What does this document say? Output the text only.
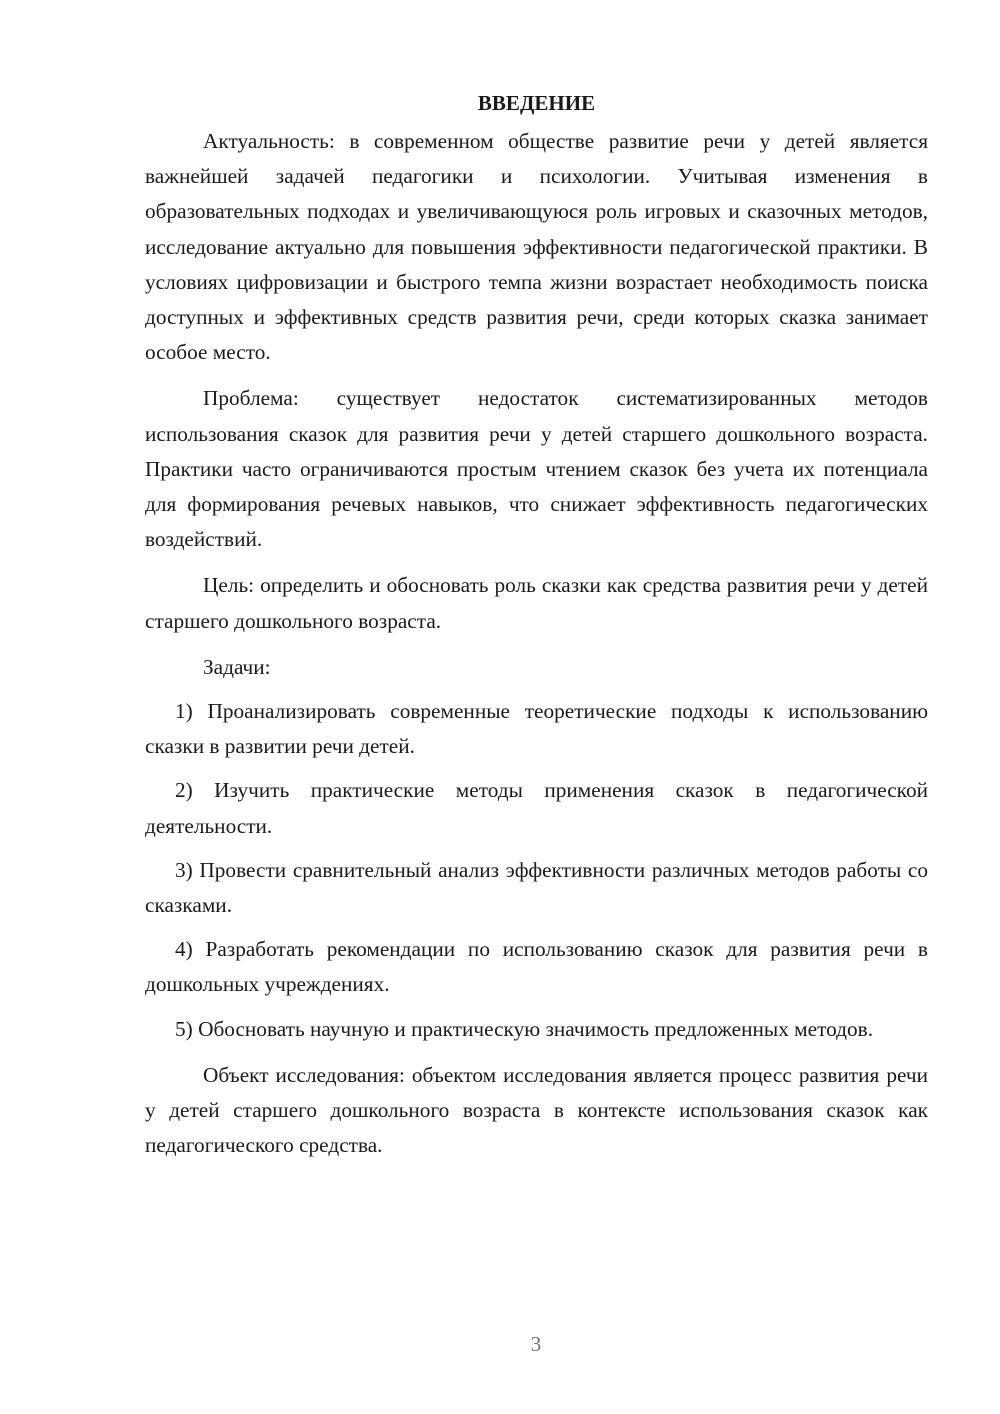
ВВЕДЕНИЕ

Актуальность: в современном обществе развитие речи у детей является важнейшей задачей педагогики и психологии. Учитывая изменения в образовательных подходах и увеличивающуюся роль игровых и сказочных методов, исследование актуально для повышения эффективности педагогической практики. В условиях цифровизации и быстрого темпа жизни возрастает необходимость поиска доступных и эффективных средств развития речи, среди которых сказка занимает особое место.

Проблема: существует недостаток систематизированных методов использования сказок для развития речи у детей старшего дошкольного возраста. Практики часто ограничиваются простым чтением сказок без учета их потенциала для формирования речевых навыков, что снижает эффективность педагогических воздействий.

Цель: определить и обосновать роль сказки как средства развития речи у детей старшего дошкольного возраста.

Задачи:

1) Проанализировать современные теоретические подходы к использованию сказки в развитии речи детей.

2) Изучить практические методы применения сказок в педагогической деятельности.

3) Провести сравнительный анализ эффективности различных методов работы со сказками.

4) Разработать рекомендации по использованию сказок для развития речи в дошкольных учреждениях.

5) Обосновать научную и практическую значимость предложенных методов.

Объект исследования: объектом исследования является процесс развития речи у детей старшего дошкольного возраста в контексте использования сказок как педагогического средства.

3
